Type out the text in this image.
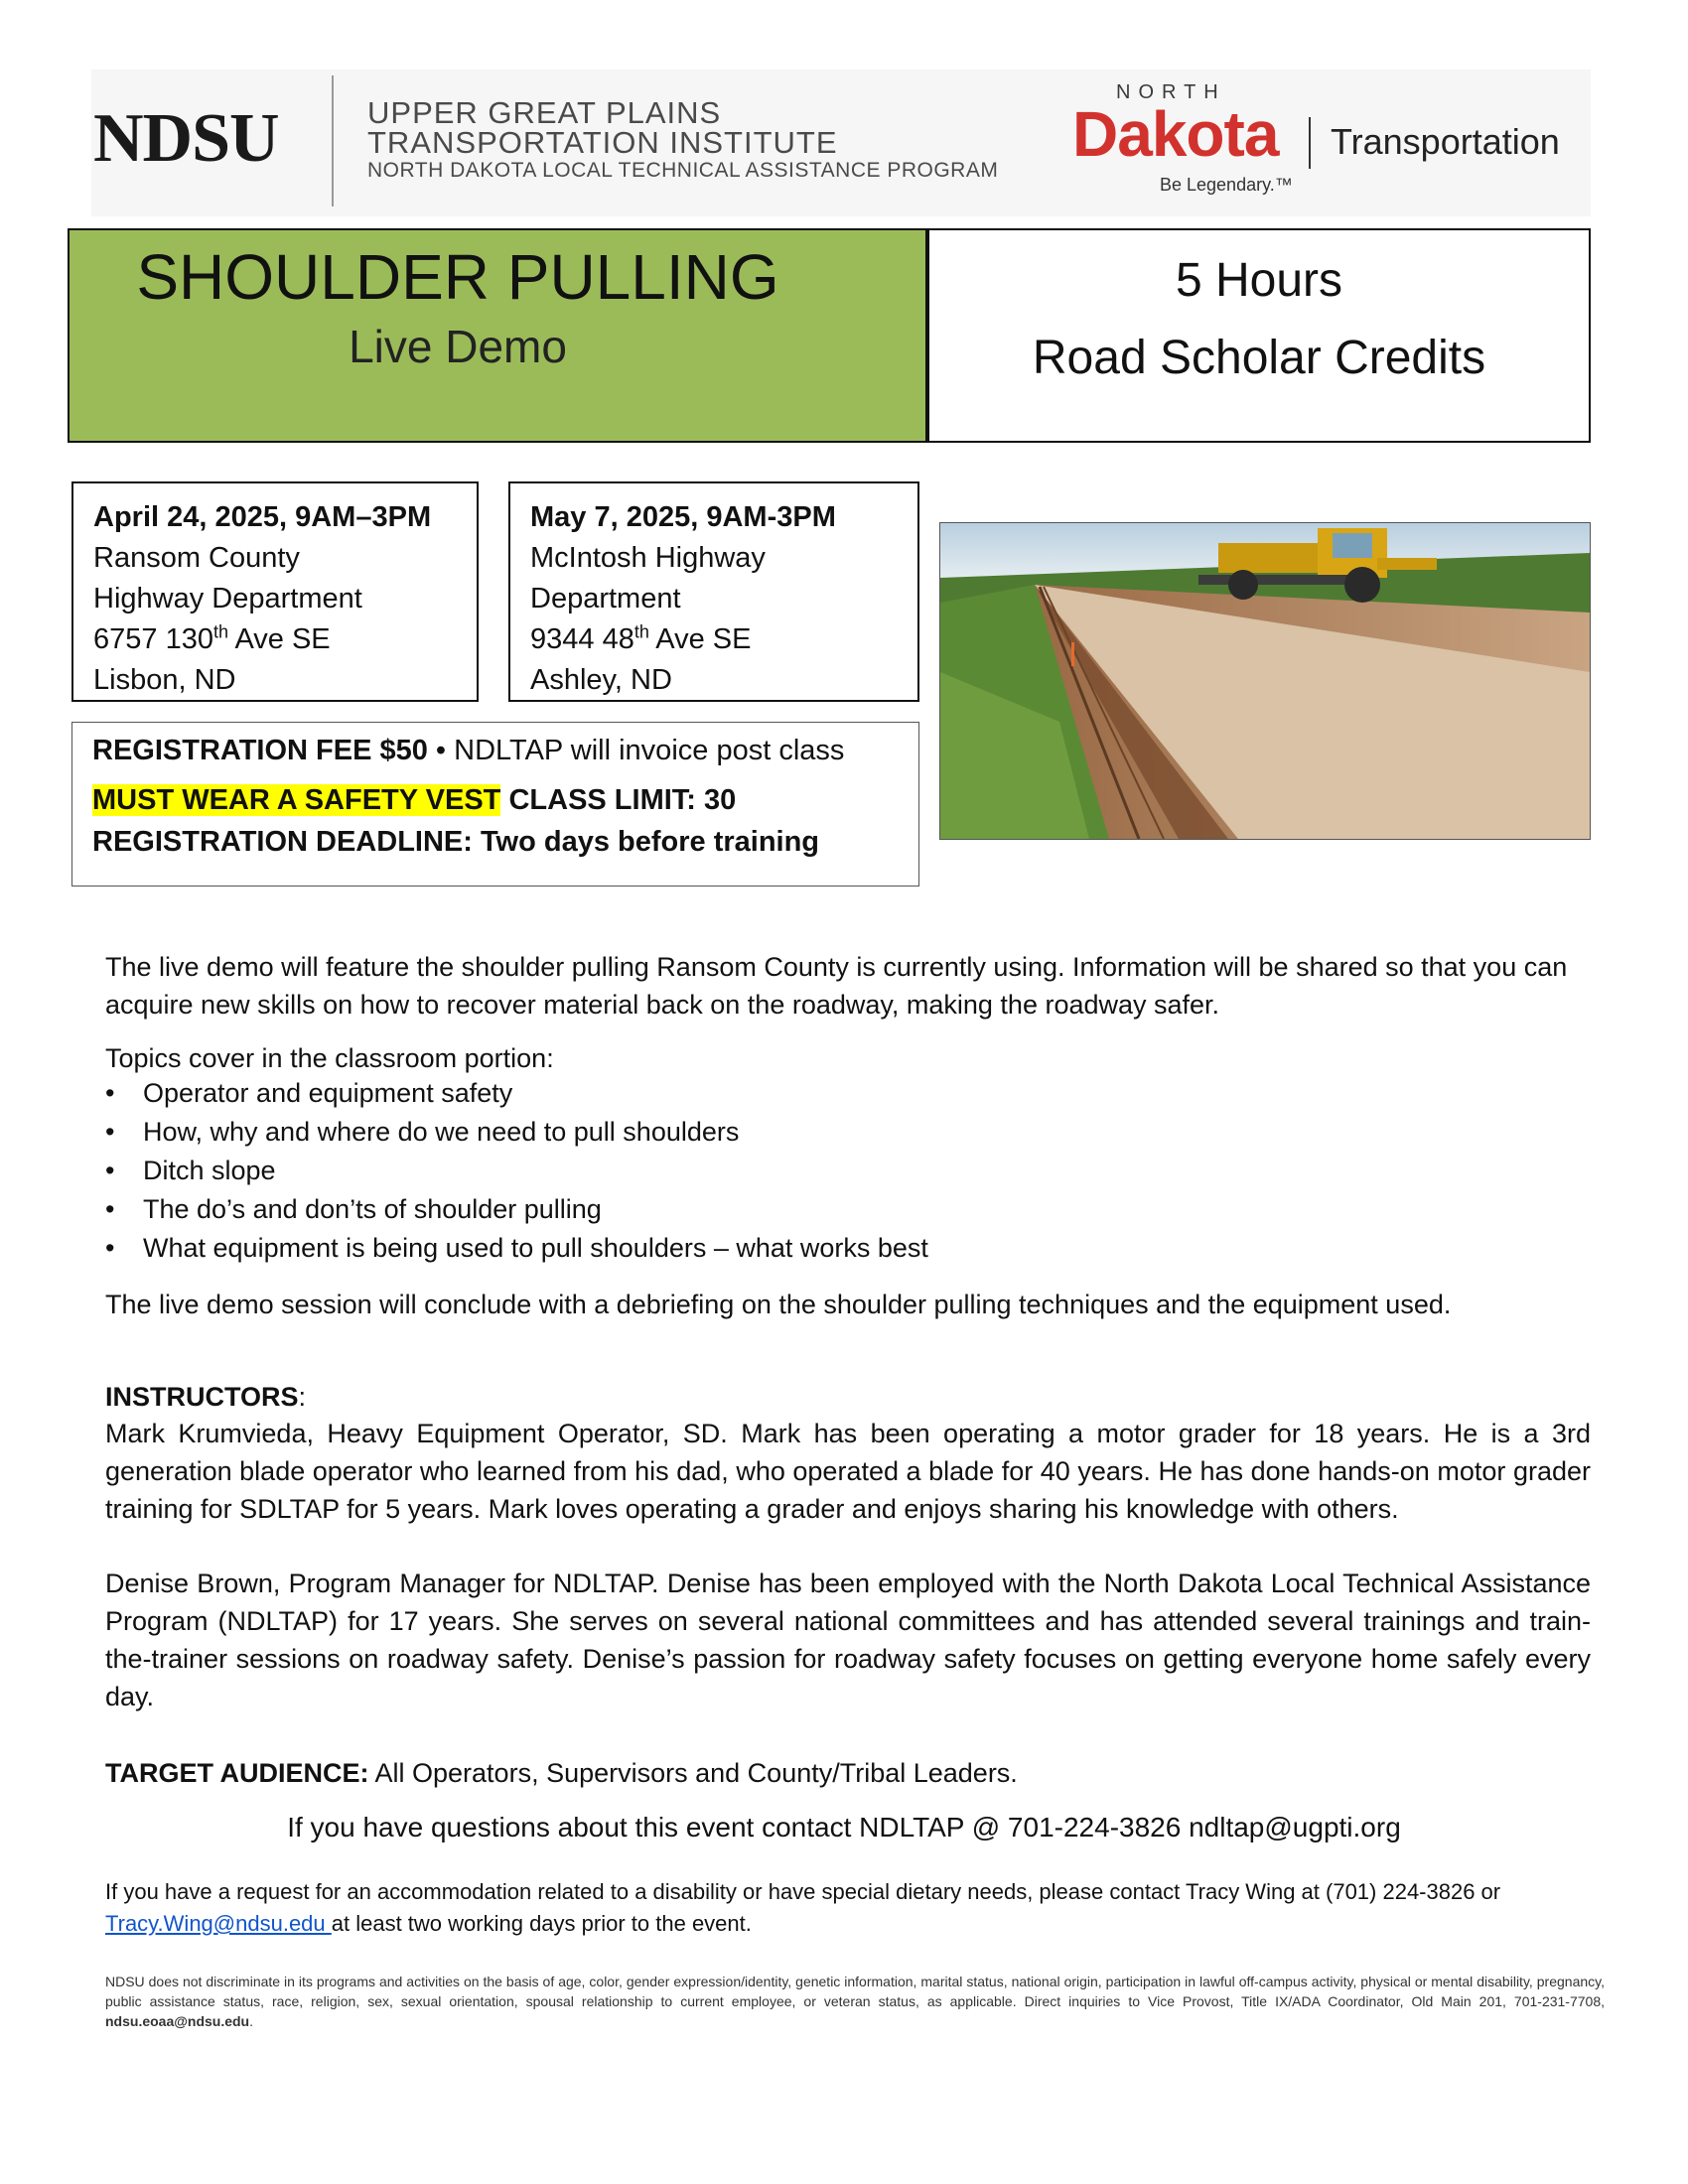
NDSU	UPPER GREAT PLAINS
TRANSPORTATION INSTITUTE
NORTH DAKOTA LOCAL TECHNICAL ASSISTANCE PROGRAM
NORTH
Dakota
Be Legendary.™
Transportation
SHOULDER PULLING
Live Demo
5 Hours
Road Scholar Credits
April 24, 2025, 9AM–3PM
Ransom County
Highway Department
6757 130th Ave SE
Lisbon, ND
May 7, 2025, 9AM-3PM
McIntosh Highway
Department
9344 48th Ave SE
Ashley, ND
REGISTRATION FEE $50 • NDLTAP will invoice post class
MUST WEAR A SAFETY VEST CLASS LIMIT: 30
REGISTRATION DEADLINE: Two days before training
The live demo will feature the shoulder pulling Ransom County is currently using. Information will be shared so that you can acquire new skills on how to recover material back on the roadway, making the roadway safer.
Topics cover in the classroom portion:
• Operator and equipment safety
• How, why and where do we need to pull shoulders
• Ditch slope
• The do’s and don’ts of shoulder pulling
• What equipment is being used to pull shoulders – what works best
The live demo session will conclude with a debriefing on the shoulder pulling techniques and the equipment used.
INSTRUCTORS:
Mark Krumvieda, Heavy Equipment Operator, SD. Mark has been operating a motor grader for 18 years. He is a 3rd generation blade operator who learned from his dad, who operated a blade for 40 years. He has done hands-on motor grader training for SDLTAP for 5 years. Mark loves operating a grader and enjoys sharing his knowledge with others.
Denise Brown, Program Manager for NDLTAP. Denise has been employed with the North Dakota Local Technical Assistance Program (NDLTAP) for 17 years. She serves on several national committees and has attended several trainings and train-the-trainer sessions on roadway safety. Denise’s passion for roadway safety focuses on getting everyone home safely every day.
TARGET AUDIENCE: All Operators, Supervisors and County/Tribal Leaders.
If you have questions about this event contact NDLTAP @ 701-224-3826 ndltap@ugpti.org
If you have a request for an accommodation related to a disability or have special dietary needs, please contact Tracy Wing at (701) 224-3826 or Tracy.Wing@ndsu.edu at least two working days prior to the event.
NDSU does not discriminate in its programs and activities on the basis of age, color, gender expression/identity, genetic information, marital status, national origin, participation in lawful off-campus activity, physical or mental disability, pregnancy, public assistance status, race, religion, sex, sexual orientation, spousal relationship to current employee, or veteran status, as applicable. Direct inquiries to Vice Provost, Title IX/ADA Coordinator, Old Main 201, 701-231-7708, ndsu.eoaa@ndsu.edu.
